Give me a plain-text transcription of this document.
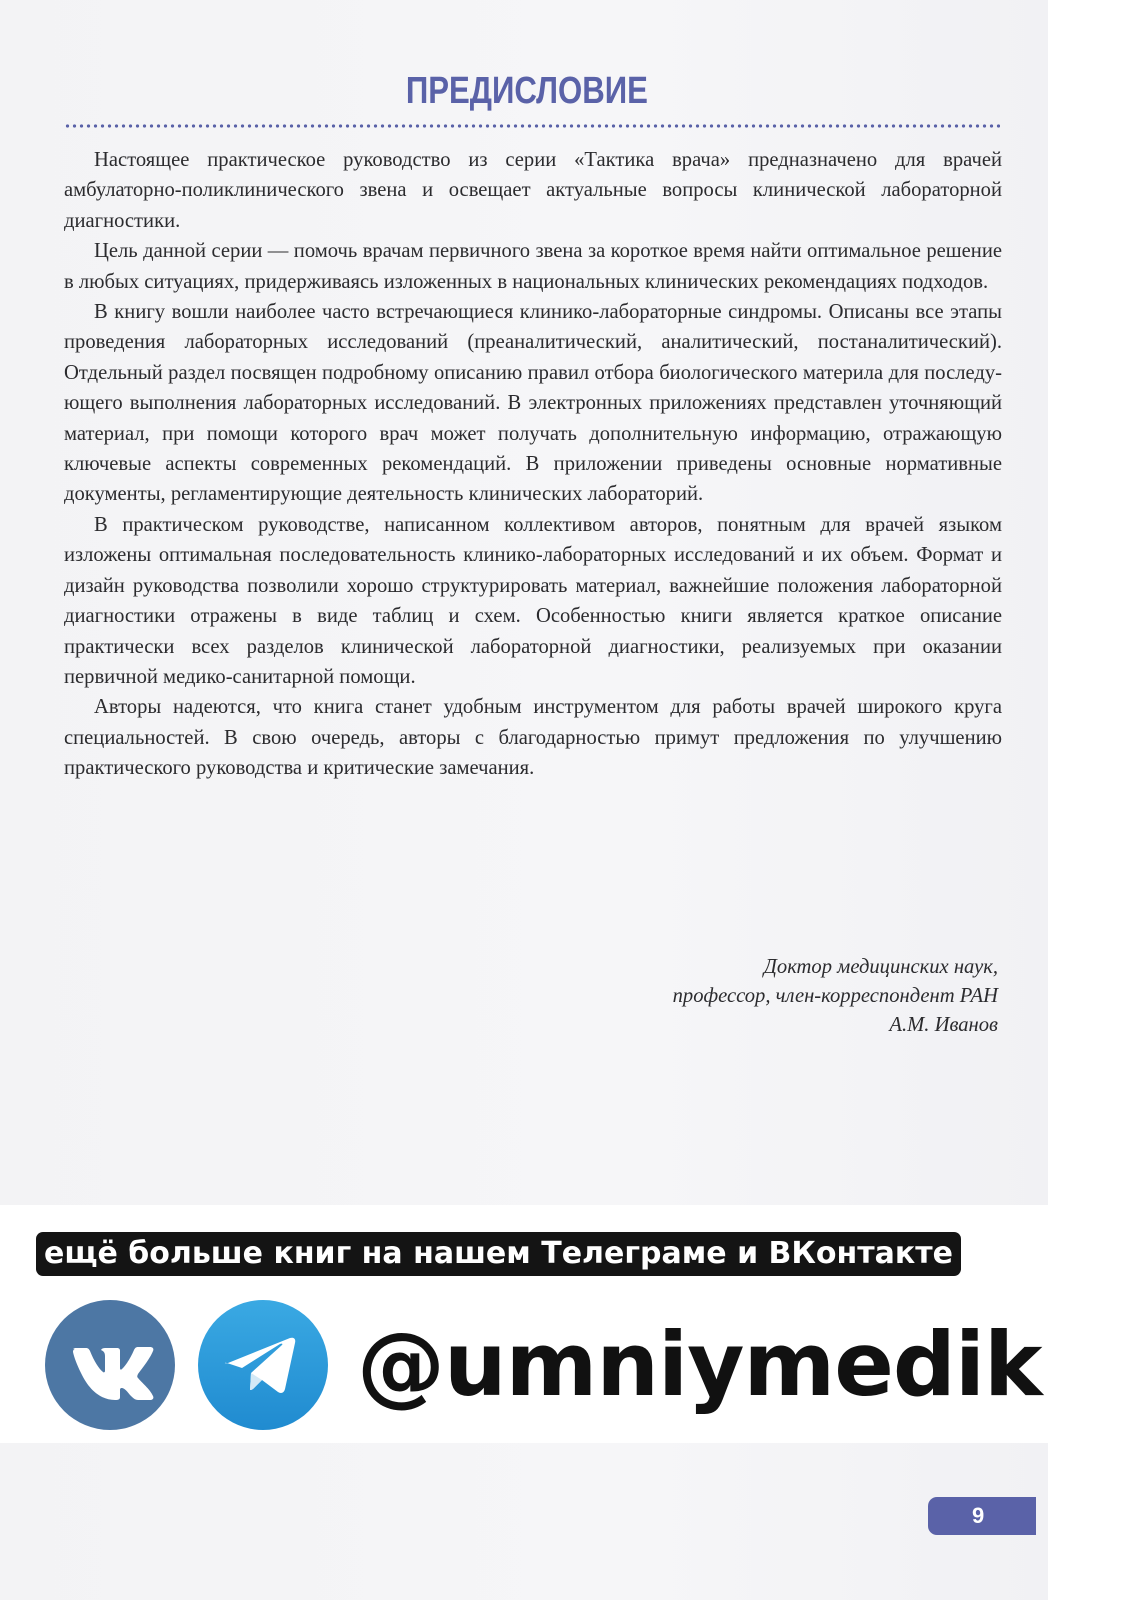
ПРЕДИСЛОВИЕ

Настоящее практическое руководство из серии «Тактика врача» предназначено для врачей амбулаторно-поликлинического звена и освещает актуальные вопросы клинической лабораторной диагностики.

Цель данной серии — помочь врачам первичного звена за короткое время найти оптимальное решение в любых ситуациях, придерживаясь изложенных в национальных клинических рекомендациях подходов.

В книгу вошли наиболее часто встречающиеся клинико-лабораторные синдромы. Описаны все этапы проведения лабораторных исследований (преаналитический, аналитический, постаналитический). Отдельный раздел посвящен подробному описанию правил отбора биологического материла для последующего выполнения лабораторных исследований. В электронных приложениях представлен уточняющий материал, при помощи которого врач может получать дополнительную информацию, отражающую ключевые аспекты современных рекомендаций. В приложении приведены основные нормативные документы, регламентирующие деятельность клинических лабораторий.

В практическом руководстве, написанном коллективом авторов, понятным для врачей языком изложены оптимальная последовательность клинико-лабораторных исследований и их объем. Формат и дизайн руководства позволили хорошо структурировать материал, важнейшие положения лабораторной диагностики отражены в виде таблиц и схем. Особенностью книги является краткое описание практически всех разделов клинической лабораторной диагностики, реализуемых при оказании первичной медико-санитарной помощи.

Авторы надеются, что книга станет удобным инструментом для работы врачей широкого круга специальностей. В свою очередь, авторы с благодарностью примут предложения по улучшению практического руководства и критические замечания.

Доктор медицинских наук,
профессор, член-корреспондент РАН
А.М. Иванов
ещё больше книг на нашем Телеграме и ВКонтакте
@umniymedik
9
